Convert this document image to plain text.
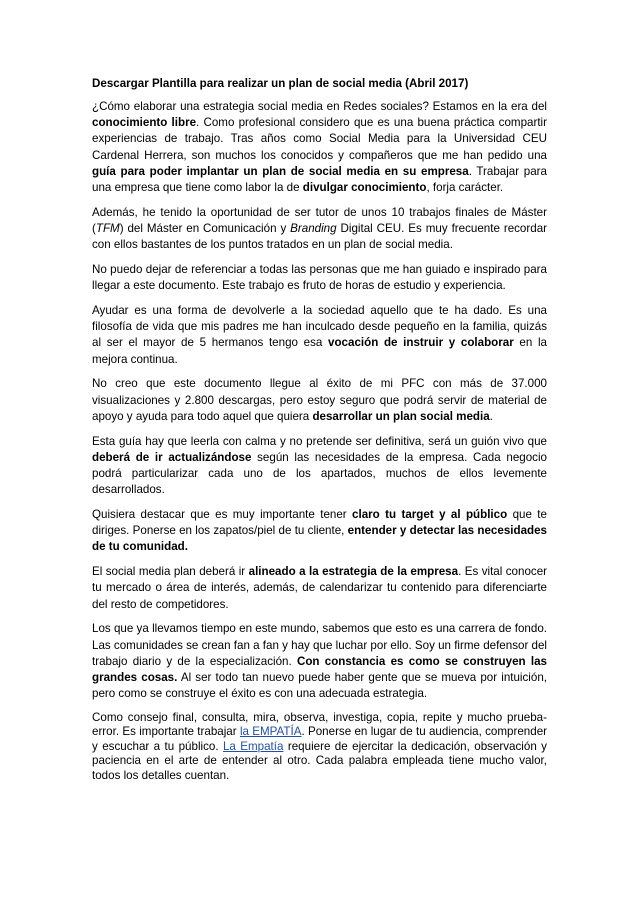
Descargar Plantilla para realizar un plan de social media (Abril 2017)

¿Cómo elaborar una estrategia social media en Redes sociales? Estamos en la era del conocimiento libre. Como profesional considero que es una buena práctica compartir experiencias de trabajo. Tras años como Social Media para la Universidad CEU Cardenal Herrera, son muchos los conocidos y compañeros que me han pedido una guía para poder implantar un plan de social media en su empresa. Trabajar para una empresa que tiene como labor la de divulgar conocimiento, forja carácter.

Además, he tenido la oportunidad de ser tutor de unos 10 trabajos finales de Máster (TFM) del Máster en Comunicación y Branding Digital CEU. Es muy frecuente recordar con ellos bastantes de los puntos tratados en un plan de social media.

No puedo dejar de referenciar a todas las personas que me han guiado e inspirado para llegar a este documento. Este trabajo es fruto de horas de estudio y experiencia.

Ayudar es una forma de devolverle a la sociedad aquello que te ha dado. Es una filosofía de vida que mis padres me han inculcado desde pequeño en la familia, quizás al ser el mayor de 5 hermanos tengo esa vocación de instruir y colaborar en la mejora continua.

No creo que este documento llegue al éxito de mi PFC con más de 37.000 visualizaciones y 2.800 descargas, pero estoy seguro que podrá servir de material de apoyo y ayuda para todo aquel que quiera desarrollar un plan social media.

Esta guía hay que leerla con calma y no pretende ser definitiva, será un guión vivo que deberá de ir actualizándose según las necesidades de la empresa. Cada negocio podrá particularizar cada uno de los apartados, muchos de ellos levemente desarrollados.

Quisiera destacar que es muy importante tener claro tu target y al público que te diriges. Ponerse en los zapatos/piel de tu cliente, entender y detectar las necesidades de tu comunidad.

El social media plan deberá ir alineado a la estrategia de la empresa. Es vital conocer tu mercado o área de interés, además, de calendarizar tu contenido para diferenciarte del resto de competidores.

Los que ya llevamos tiempo en este mundo, sabemos que esto es una carrera de fondo. Las comunidades se crean fan a fan y hay que luchar por ello. Soy un firme defensor del trabajo diario y de la especialización. Con constancia es como se construyen las grandes cosas. Al ser todo tan nuevo puede haber gente que se mueva por intuición, pero como se construye el éxito es con una adecuada estrategia.

Como consejo final, consulta, mira, observa, investiga, copia, repite y mucho prueba-error. Es importante trabajar la EMPATÍA. Ponerse en lugar de tu audiencia, comprender y escuchar a tu público. La Empatía requiere de ejercitar la dedicación, observación y paciencia en el arte de entender al otro. Cada palabra empleada tiene mucho valor, todos los detalles cuentan.
